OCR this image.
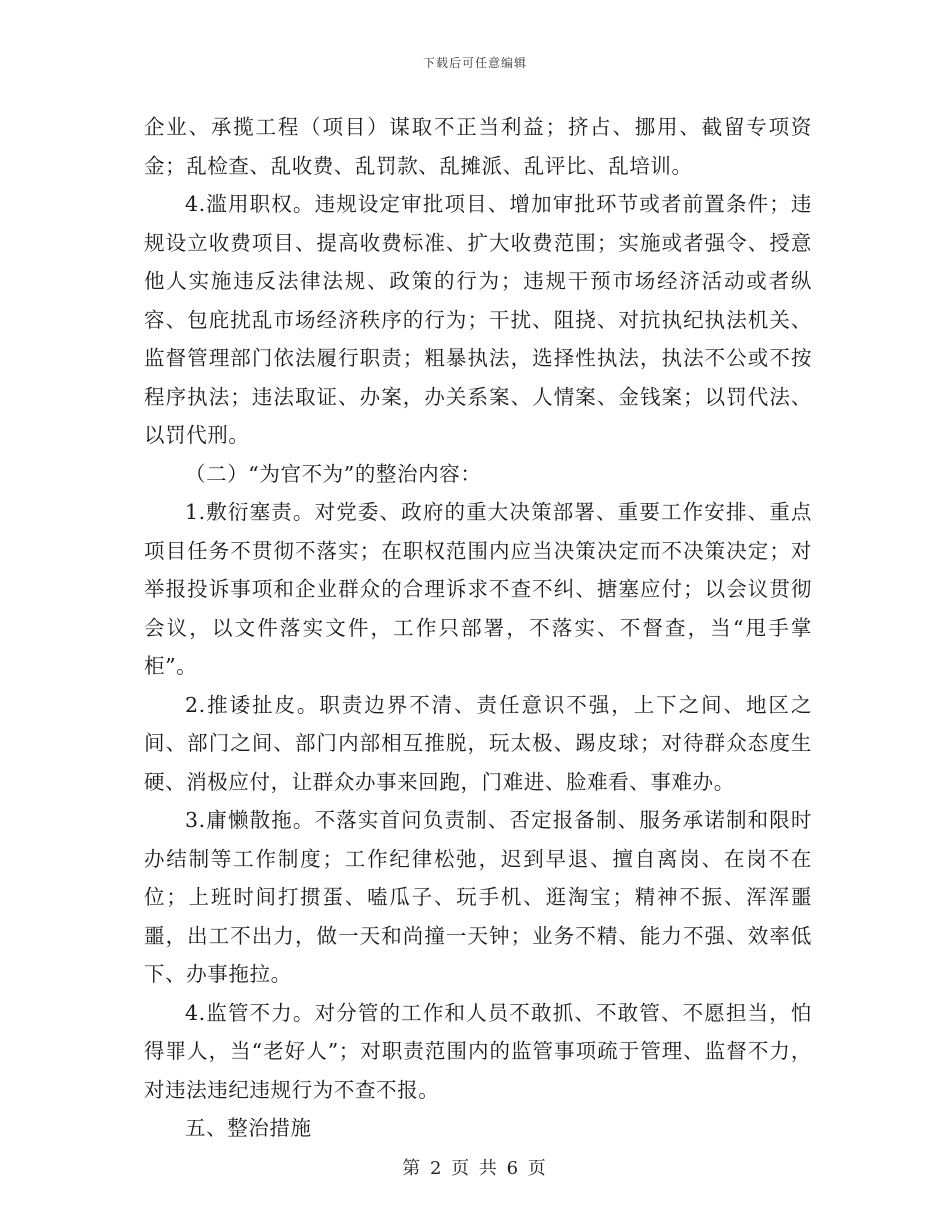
下载后可任意编辑

企业、承揽工程（项目）谋取不正当利益；挤占、挪用、截留专项资金；乱检查、乱收费、乱罚款、乱摊派、乱评比、乱培训。

4.滥用职权。违规设定审批项目、增加审批环节或者前置条件；违规设立收费项目、提高收费标准、扩大收费范围；实施或者强令、授意他人实施违反法律法规、政策的行为；违规干预市场经济活动或者纵容、包庇扰乱市场经济秩序的行为；干扰、阻挠、对抗执纪执法机关、监督管理部门依法履行职责；粗暴执法，选择性执法，执法不公或不按程序执法；违法取证、办案，办关系案、人情案、金钱案；以罚代法、以罚代刑。

（二）“为官不为”的整治内容：

1.敷衍塞责。对党委、政府的重大决策部署、重要工作安排、重点项目任务不贯彻不落实；在职权范围内应当决策决定而不决策决定；对举报投诉事项和企业群众的合理诉求不查不纠、搪塞应付；以会议贯彻会议，以文件落实文件，工作只部署，不落实、不督查，当“甩手掌柜”。

2.推诿扯皮。职责边界不清、责任意识不强，上下之间、地区之间、部门之间、部门内部相互推脱，玩太极、踢皮球；对待群众态度生硬、消极应付，让群众办事来回跑，门难进、脸难看、事难办。

3.庸懒散拖。不落实首问负责制、否定报备制、服务承诺制和限时办结制等工作制度；工作纪律松弛，迟到早退、擅自离岗、在岗不在位；上班时间打掼蛋、嗑瓜子、玩手机、逛淘宝；精神不振、浑浑噩噩，出工不出力，做一天和尚撞一天钟；业务不精、能力不强、效率低下、办事拖拉。

4.监管不力。对分管的工作和人员不敢抓、不敢管、不愿担当，怕得罪人，当“老好人”；对职责范围内的监管事项疏于管理、监督不力，对违法违纪违规行为不查不报。

五、整治措施

第 2 页 共 6 页
